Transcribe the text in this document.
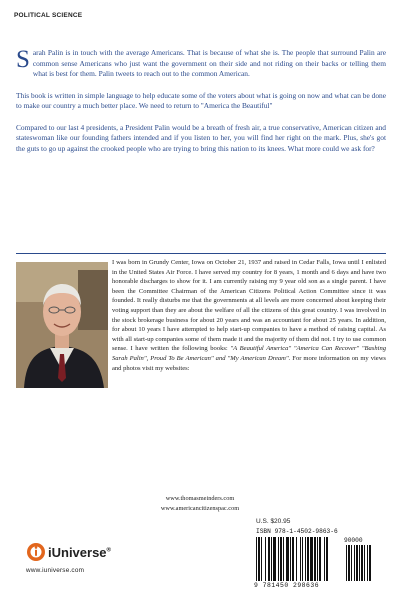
POLITICAL SCIENCE

Sarah Palin is in touch with the average Americans. That is because of what she is. The people that surround Palin are common sense Americans who just want the government on their side and not riding on their backs or telling them what is best for them. Palin tweets to reach out to the common American.

This book is written in simple language to help educate some of the voters about what is going on now and what can be done to make our country a much better place. We need to return to "America the Beautiful"

Compared to our last 4 presidents, a President Palin would be a breath of fresh air, a true conservative, American citizen and stateswoman like our founding fathers intended and if you listen to her, you will find her right on the mark. Plus, she's got the guts to go up against the crooked people who are trying to bring this nation to its knees. What more could we ask for?

I was born in Grundy Center, Iowa on October 21, 1937 and raised in Cedar Falls, Iowa until I enlisted in the United States Air Force. I have served my country for 8 years, 1 month and 6 days and have two honorable discharges to show for it. I am currently raising my 9 year old son as a single parent. I have been the Committee Chairman of the American Citizens Political Action Committee since it was founded. It really disturbs me that the governments at all levels are more concerned about keeping their voting support than they are about the welfare of all the citizens of this great country. I was involved in the stock brokerage business for about 20 years and was an accountant for about 25 years. In addition, for about 10 years I have attempted to help start-up companies to have a method of raising capital. As with all start-up companies some of them made it and the majority of them did not. I try to use common sense. I have written the following books: "A Beautiful America" "America Can Recover" "Bashing Sarah Palin", Proud To Be American" and "My American Dream". For more information on my views and photos visit my websites:

www.thomasmeinders.com
www.americancitizenspac.com
U.S. $20.95
ISBN 978-1-4502-9863-6
90000
9 781450 298636
iUniverse®
www.iuniverse.com
